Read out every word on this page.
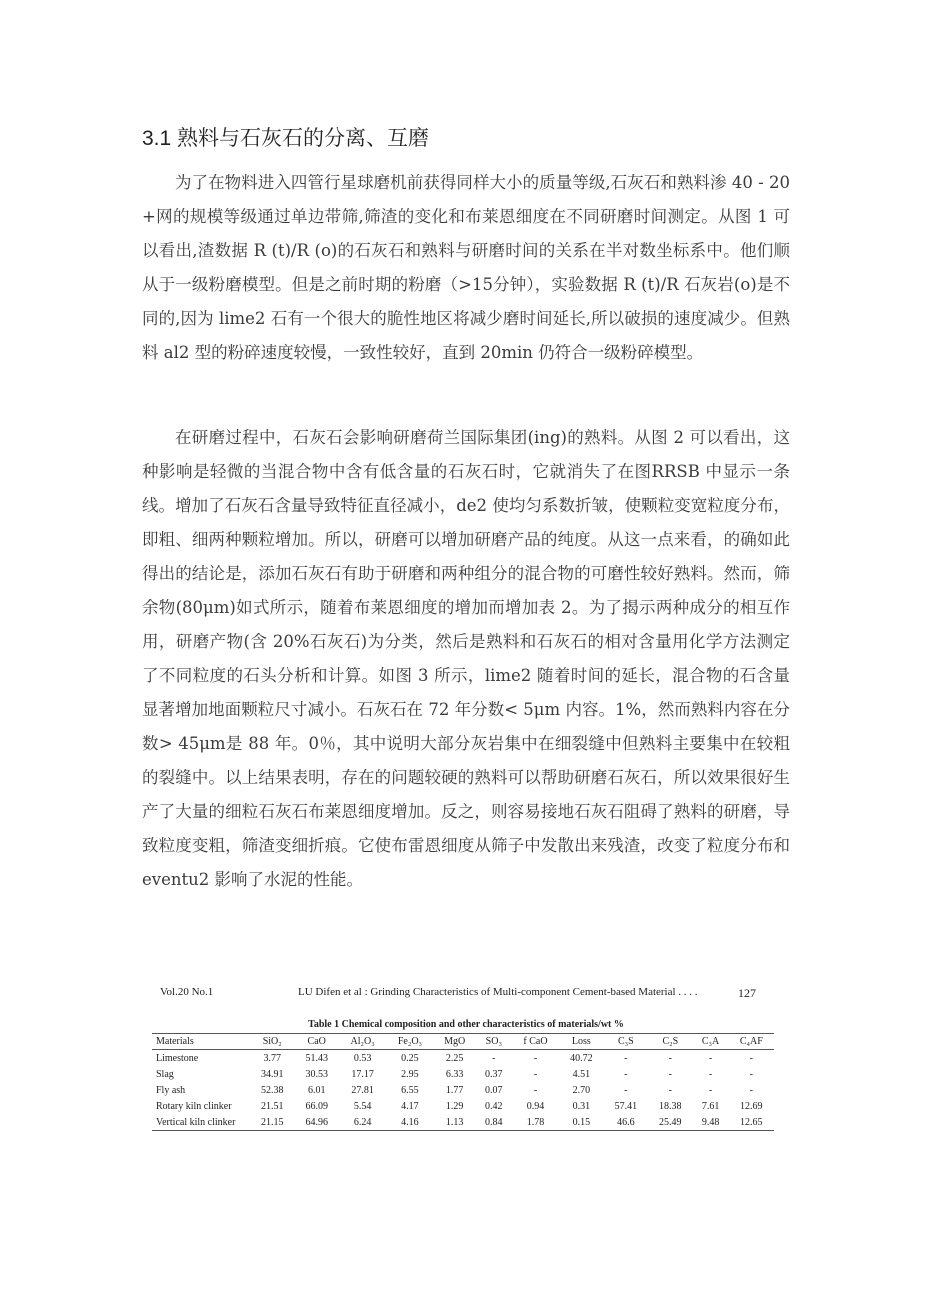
3.1 熟料与石灰石的分离、互磨

为了在物料进入四管行星球磨机前获得同样大小的质量等级,石灰石和熟料渗 40 - 20 +网的规模等级通过单边带筛,筛渣的变化和布莱恩细度在不同研磨时间测定。从图 1 可以看出,渣数据 R (t)/R (o)的石灰石和熟料与研磨时间的关系在半对数坐标系中。他们顺从于一级粉磨模型。但是之前时期的粉磨（>15分钟），实验数据 R (t)/R 石灰岩(o)是不同的,因为 lime2 石有一个很大的脆性地区将减少磨时间延长,所以破损的速度减少。但熟料 al2 型的粉碎速度较慢，一致性较好，直到 20min 仍符合一级粉碎模型。

在研磨过程中，石灰石会影响研磨荷兰国际集团(ing)的熟料。从图 2 可以看出，这种影响是轻微的当混合物中含有低含量的石灰石时，它就消失了在图RRSB 中显示一条线。增加了石灰石含量导致特征直径减小，de2 使均匀系数折皱，使颗粒变宽粒度分布，即粗、细两种颗粒增加。所以，研磨可以增加研磨产品的纯度。从这一点来看，的确如此得出的结论是，添加石灰石有助于研磨和两种组分的混合物的可磨性较好熟料。然而，筛余物(80μm)如式所示，随着布莱恩细度的增加而增加表 2。为了揭示两种成分的相互作用，研磨产物(含 20%石灰石)为分类，然后是熟料和石灰石的相对含量用化学方法测定了不同粒度的石头分析和计算。如图 3 所示，lime2 随着时间的延长，混合物的石含量显著增加地面颗粒尺寸减小。石灰石在 72 年分数< 5μm 内容。1%，然而熟料内容在分数> 45μm是 88 年。0％，其中说明大部分灰岩集中在细裂缝中但熟料主要集中在较粗的裂缝中。以上结果表明，存在的问题较硬的熟料可以帮助研磨石灰石，所以效果很好生产了大量的细粒石灰石布莱恩细度增加。反之，则容易接地石灰石阻碍了熟料的研磨，导致粒度变粗，筛渣变细折痕。它使布雷恩细度从筛子中发散出来残渣，改变了粒度分布和 eventu2 影响了水泥的性能。

Vol.20 No.1	LU Difen et al : Grinding Characteristics of Multi-component Cement-based Material . . . .	127
Table 1 Chemical composition and other characteristics of materials/wt %
Materials	SiO₂	CaO	Al₂O₃	Fe₂O₃	MgO	SO₃	f CaO	Loss	C₃S	C₂S	C₃A	C₄AF
Limestone	3.77	51.43	0.53	0.25	2.25	-	-	40.72	-	-	-	-
Slag	34.91	30.53	17.17	2.95	6.33	0.37	-	4.51	-	-	-	-
Fly ash	52.38	6.01	27.81	6.55	1.77	0.07	-	2.70	-	-	-	-
Rotary kiln clinker	21.51	66.09	5.54	4.17	1.29	0.42	0.94	0.31	57.41	18.38	7.61	12.69
Vertical kiln clinker	21.15	64.96	6.24	4.16	1.13	0.84	1.78	0.15	46.6	25.49	9.48	12.65
